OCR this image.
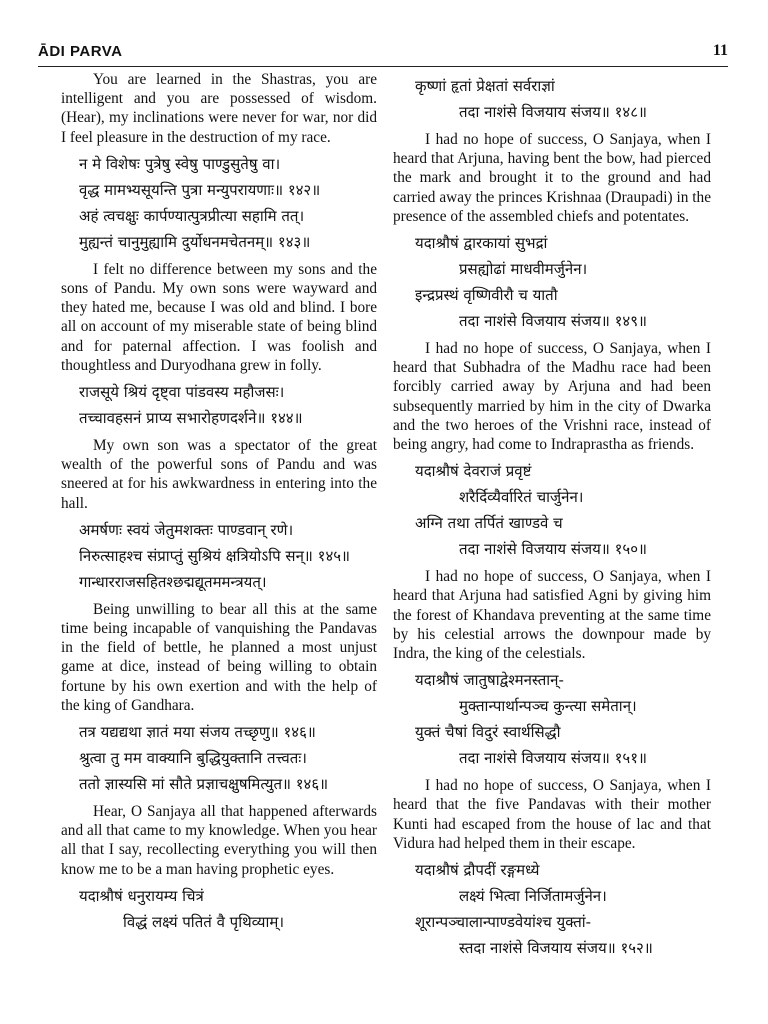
ĀDI PARVA	11

You are learned in the Shastras, you are intelligent and you are possessed of wisdom. (Hear), my inclinations were never for war, nor did I feel pleasure in the destruction of my race.

न मे विशेषः पुत्रेषु स्वेषु पाण्डुसुतेषु वा।
वृद्ध मामभ्यसूयन्ति पुत्रा मन्युपरायणाः॥ १४२॥
अहं त्वचक्षुः कार्पण्यात्पुत्रप्रीत्या सहामि तत्।
मुह्यन्तं चानुमुह्यामि दुर्योधनमचेतनम्॥ १४३॥

I felt no difference between my sons and the sons of Pandu. My own sons were wayward and they hated me, because I was old and blind. I bore all on account of my miserable state of being blind and for paternal affection. I was foolish and thoughtless and Duryodhana grew in folly.

राजसूये श्रियं दृष्ट्वा पांडवस्य महौजसः।
तच्चावहसनं प्राप्य सभारोहणदर्शने॥ १४४॥

My own son was a spectator of the great wealth of the powerful sons of Pandu and was sneered at for his awkwardness in entering into the hall.

अमर्षणः स्वयं जेतुमशक्तः पाण्डवान् रणे।
निरुत्साहश्च संप्राप्तुं सुश्रियं क्षत्रियोऽपि सन्॥ १४५॥
गान्धारराजसहितश्छद्मद्यूतममन्त्रयत्।

Being unwilling to bear all this at the same time being incapable of vanquishing the Pandavas in the field of bettle, he planned a most unjust game at dice, instead of being willing to obtain fortune by his own exertion and with the help of the king of Gandhara.

तत्र यद्यद्यथा ज्ञातं मया संजय तच्छृणु॥ १४६॥
श्रुत्वा तु मम वाक्यानि बुद्धियुक्तानि तत्त्वतः।
ततो ज्ञास्यसि मां सौते प्रज्ञाचक्षुषमित्युत॥ १४६॥

Hear, O Sanjaya all that happened afterwards and all that came to my knowledge. When you hear all that I say, recollecting everything you will then know me to be a man having prophetic eyes.

यदाश्रौषं धनुरायम्य चित्रं
विद्धं लक्ष्यं पतितं वै पृथिव्याम्।
कृष्णां हृतां प्रेक्षतां सर्वराज्ञां
तदा नाशंसे विजयाय संजय॥ १४८॥

I had no hope of success, O Sanjaya, when I heard that Arjuna, having bent the bow, had pierced the mark and brought it to the ground and had carried away the princes Krishnaa (Draupadi) in the presence of the assembled chiefs and potentates.

यदाश्रौषं द्वारकायां सुभद्रां
प्रसह्योढां माधवीमर्जुनेन।
इन्द्रप्रस्थं वृष्णिवीरौ च यातौ
तदा नाशंसे विजयाय संजय॥ १४९॥

I had no hope of success, O Sanjaya, when I heard that Subhadra of the Madhu race had been forcibly carried away by Arjuna and had been subsequently married by him in the city of Dwarka and the two heroes of the Vrishni race, instead of being angry, had come to Indraprastha as friends.

यदाश्रौषं देवराजं प्रवृष्टं
शरैर्दिव्यैर्वारितं चार्जुनेन।
अग्नि तथा तर्पितं खाण्डवे च
तदा नाशंसे विजयाय संजय॥ १५०॥

I had no hope of success, O Sanjaya, when I heard that Arjuna had satisfied Agni by giving him the forest of Khandava preventing at the same time by his celestial arrows the downpour made by Indra, the king of the celestials.

यदाश्रौषं जातुषाद्वेश्मनस्तान्-
मुक्तान्पार्थान्पञ्च कुन्त्या समेतान्।
युक्तं चैषां विदुरं स्वार्थसिद्धौ
तदा नाशंसे विजयाय संजय॥ १५१॥

I had no hope of success, O Sanjaya, when I heard that the five Pandavas with their mother Kunti had escaped from the house of lac and that Vidura had helped them in their escape.

यदाश्रौषं द्रौपदीं रङ्गमध्ये
लक्ष्यं भित्वा निर्जितामर्जुनेन।
शूरान्पञ्चालान्पाण्डवेयांश्च युक्तां-
स्तदा नाशंसे विजयाय संजय॥ १५२॥
